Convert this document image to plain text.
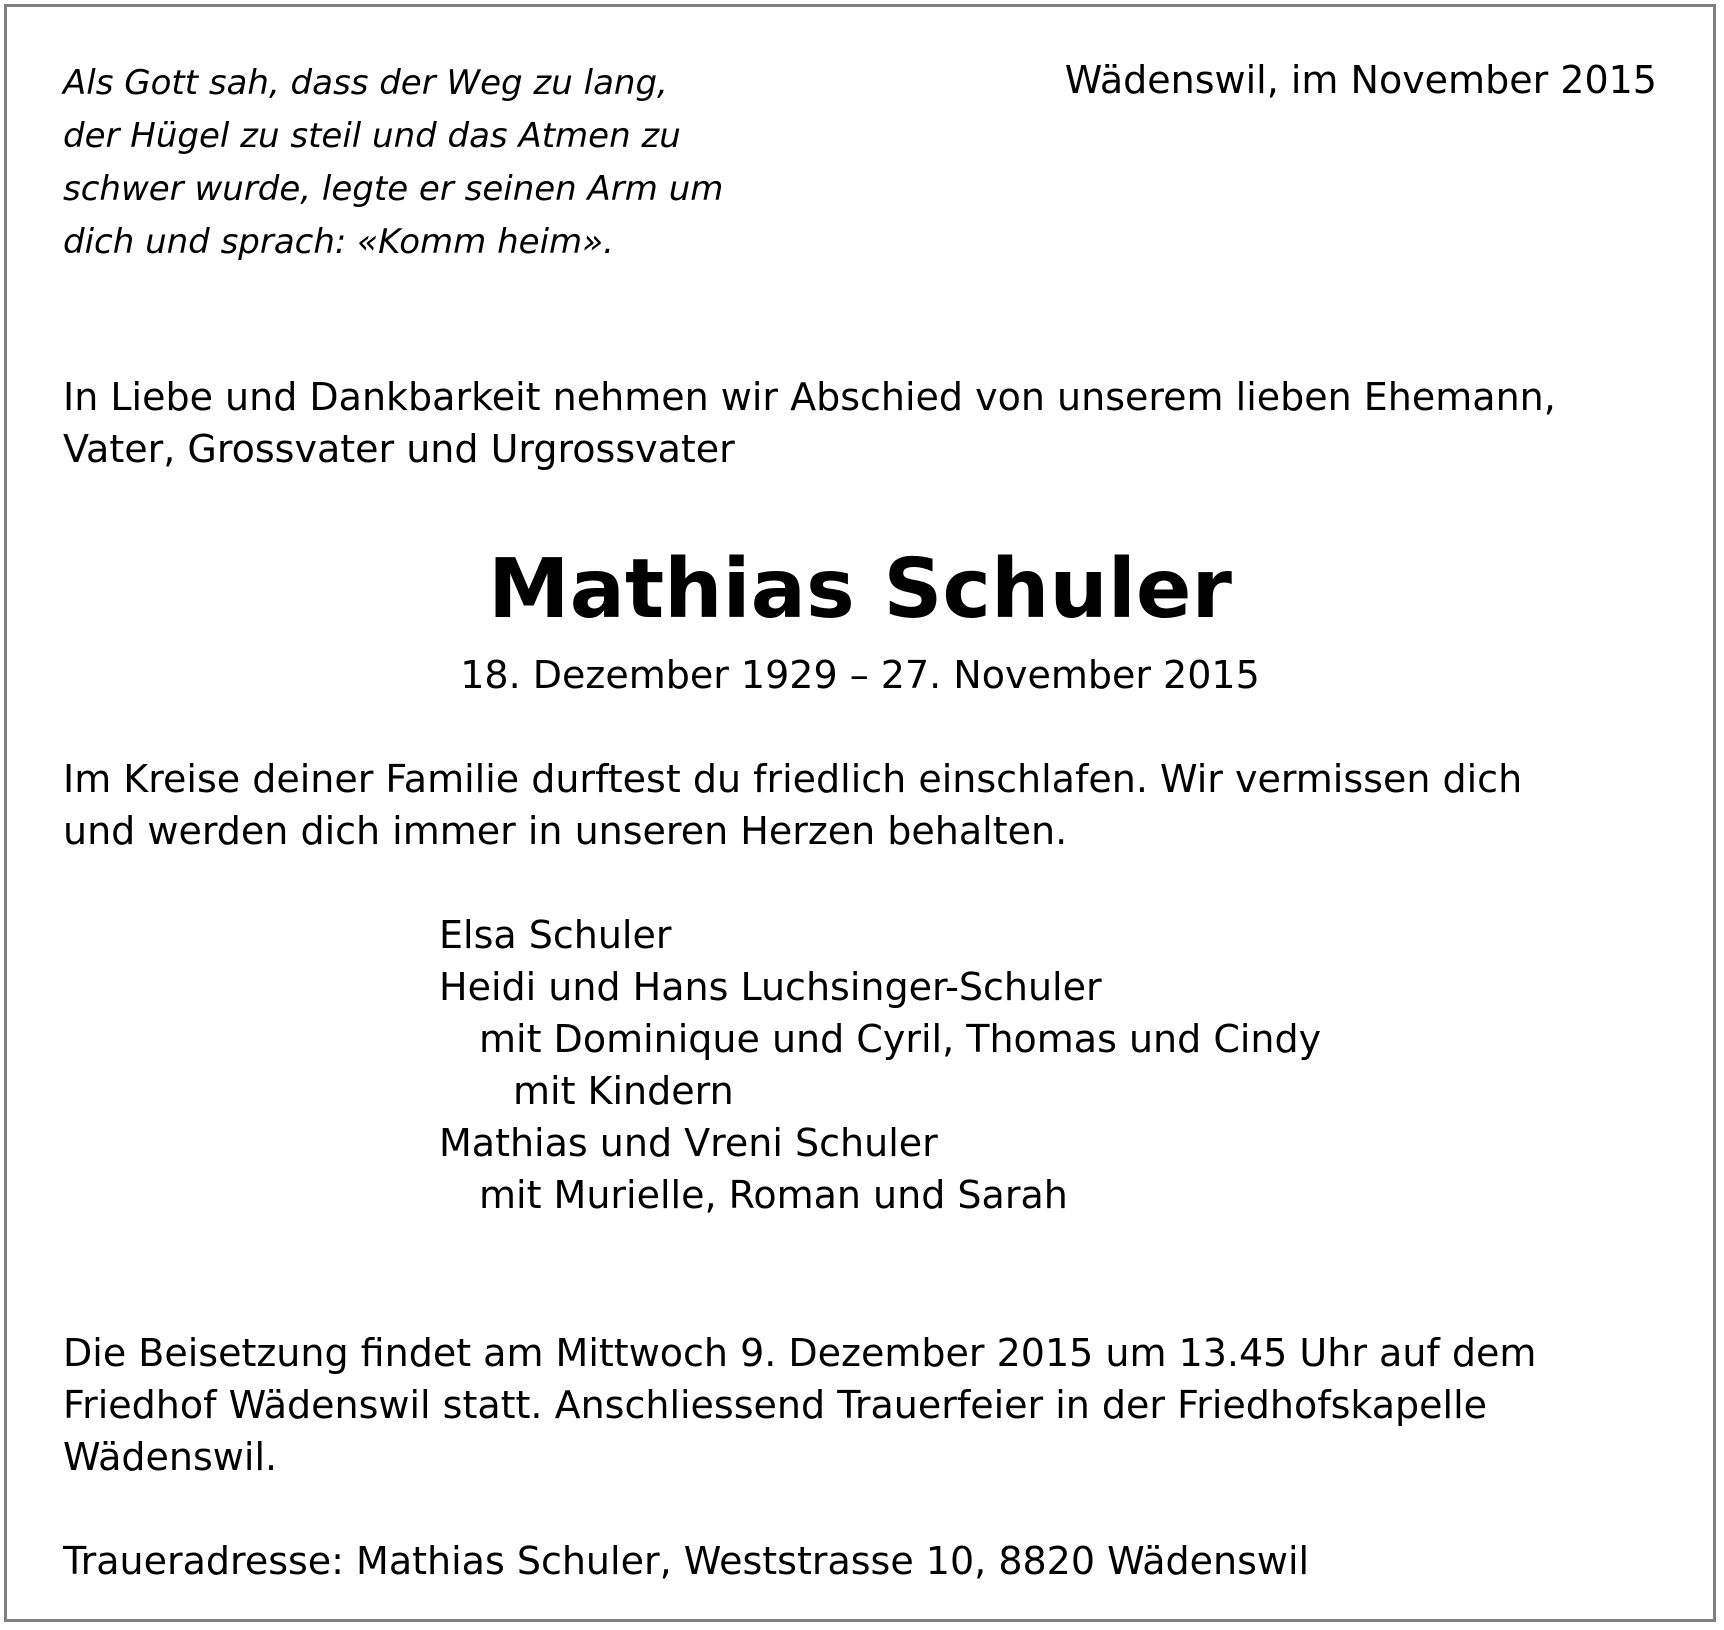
Als Gott sah, dass der Weg zu lang,
der Hügel zu steil und das Atmen zu
schwer wurde, legte er seinen Arm um
dich und sprach: «Komm heim».
Wädenswil, im November 2015
In Liebe und Dankbarkeit nehmen wir Abschied von unserem lieben Ehemann,
Vater, Grossvater und Urgrossvater
Mathias Schuler
18. Dezember 1929 – 27. November 2015
Im Kreise deiner Familie durftest du friedlich einschlafen. Wir vermissen dich
und werden dich immer in unseren Herzen behalten.
Elsa Schuler
Heidi und Hans Luchsinger-Schuler
mit Dominique und Cyril, Thomas und Cindy
mit Kindern
Mathias und Vreni Schuler
mit Murielle, Roman und Sarah
Die Beisetzung findet am Mittwoch 9. Dezember 2015 um 13.45 Uhr auf dem
Friedhof Wädenswil statt. Anschliessend Trauerfeier in der Friedhofskapelle
Wädenswil.
Traueradresse: Mathias Schuler, Weststrasse 10, 8820 Wädenswil
